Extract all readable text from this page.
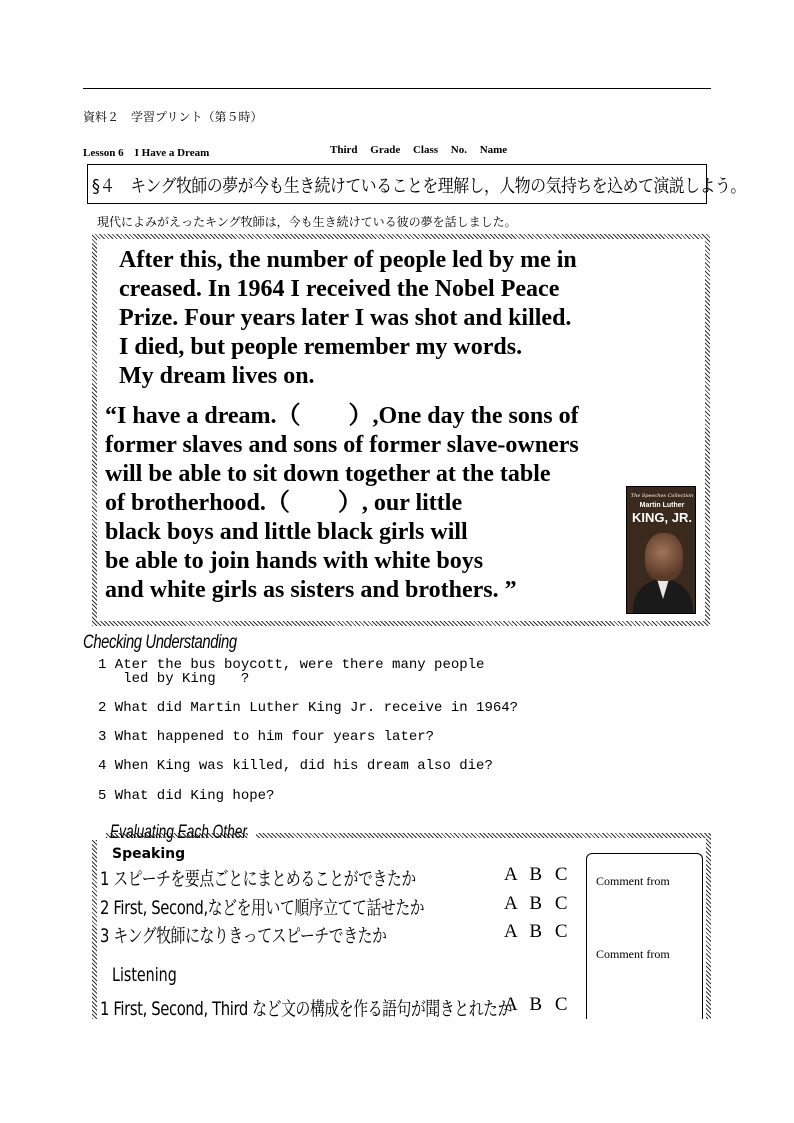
資料２　学習プリント（第５時）
Lesson 6　I Have a Dream	Third Grade Class No. Name
§４　キング牧師の夢が今も生き続けていることを理解し，人物の気持ちを込めて演説しよう。
現代によみがえったキング牧師は，今も生き続けている彼の夢を話しました。
After this, the number of people led by me in
creased. In 1964 I received the Nobel Peace
Prize. Four years later I was shot and killed.
I died, but people remember my words.
My dream lives on.
“I have a dream.（　　）,One day the sons of
former slaves and sons of former slave-owners
will be able to sit down together at the table
of brotherhood.（　　）, our little
black boys and little black girls will
be able to join hands with white boys
and white girls as sisters and brothers. ”
The Speeches Collection
Martin Luther
KING, JR.
Checking Understanding
1 Ater the bus boycott, were there many people
led by King   ?
2 What did Martin Luther King Jr. receive in 1964?
3 What happened to him four years later?
4 When King was killed, did his dream also die?
5 What did King hope?
Evaluating Each Other
Speaking
1 スピーチを要点ごとにまとめることができたか
2 First, Second,などを用いて順序立てて話せたか
3 キング牧師になりきってスピーチできたか
A B C
A B C
A B C
Listening
1 First, Second, Third など文の構成を作る語句が聞きとれたか
A B C
Comment from
Comment from
